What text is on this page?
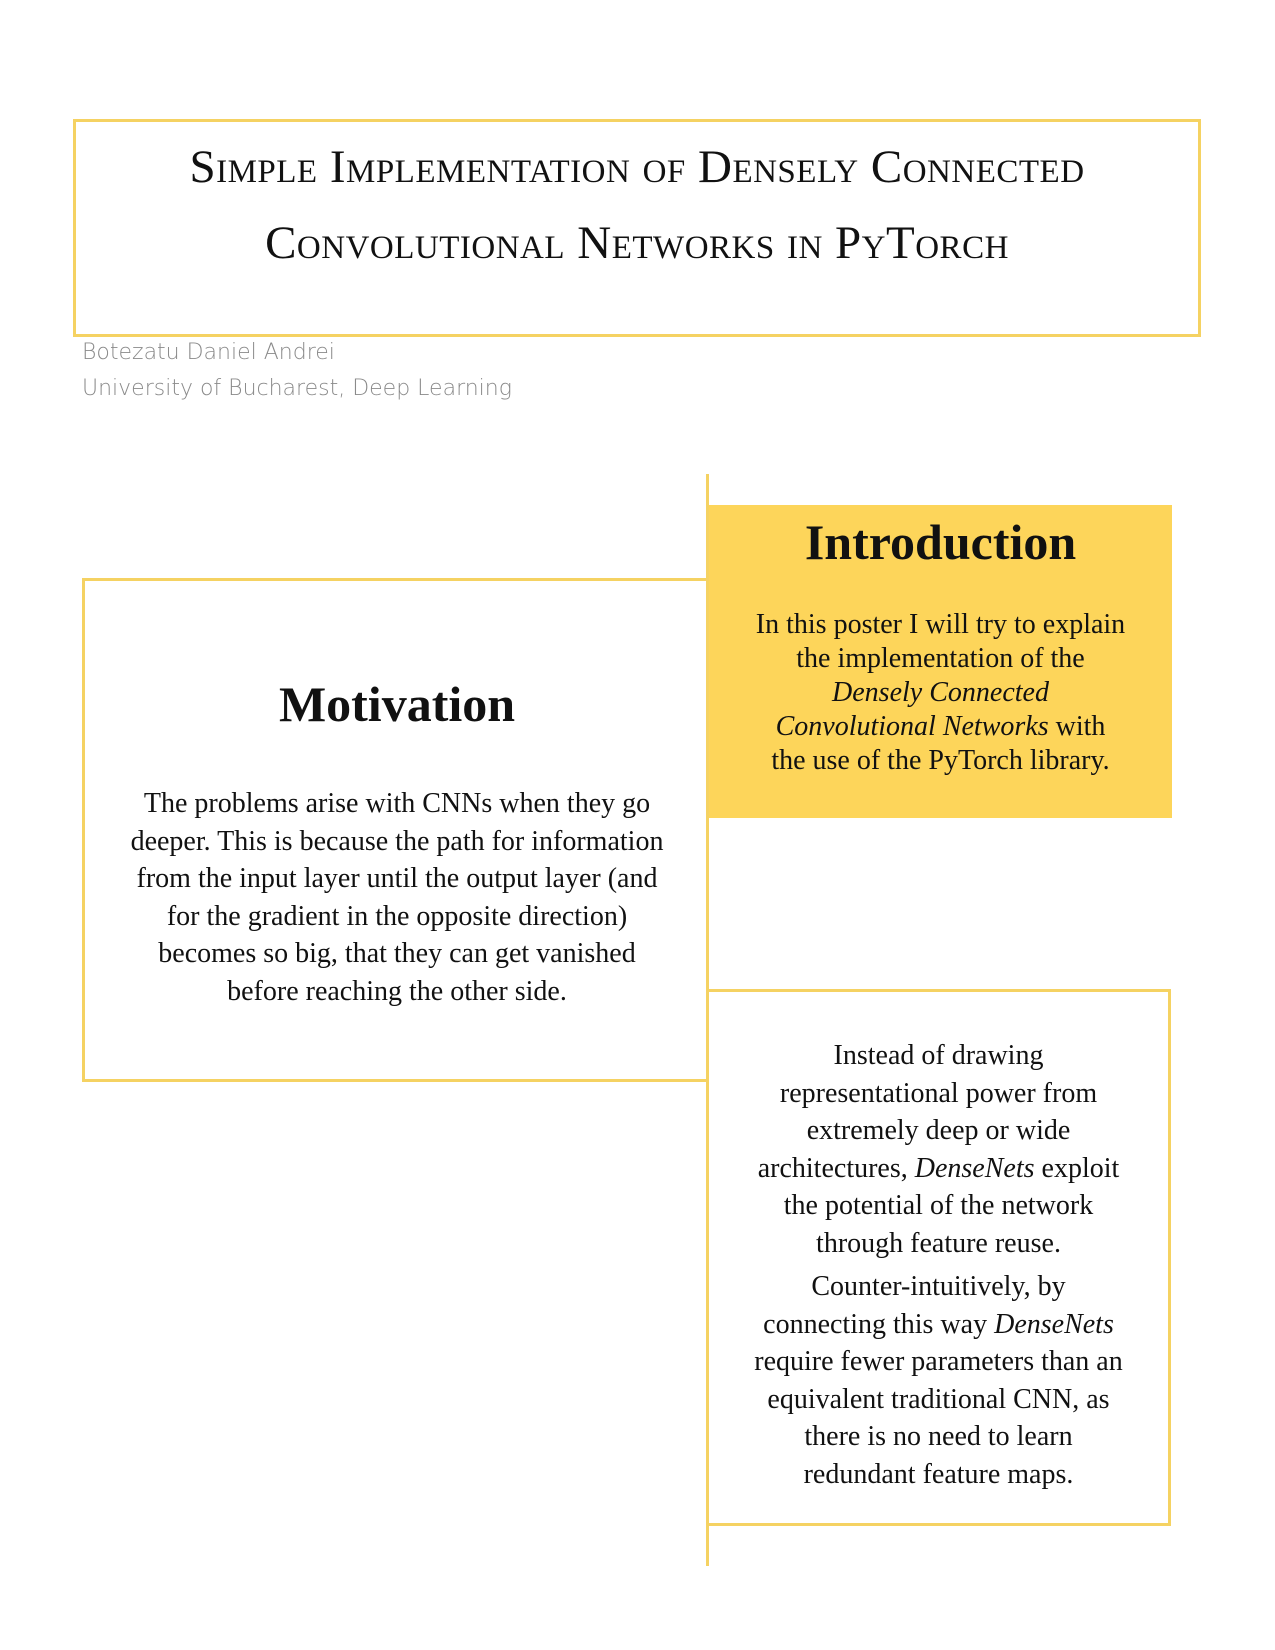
Simple Implementation of Densely Connected
Convolutional Networks in PyTorch
Botezatu Daniel Andrei
University of Bucharest, Deep Learning
Introduction
In this poster I will try to explain
the implementation of the
Densely Connected
Convolutional Networks with
the use of the PyTorch library.
Motivation
The problems arise with CNNs when they go
deeper. This is because the path for information
from the input layer until the output layer (and
for the gradient in the opposite direction)
becomes so big, that they can get vanished
before reaching the other side.
Instead of drawing
representational power from
extremely deep or wide
architectures, DenseNets exploit
the potential of the network
through feature reuse.
Counter-intuitively, by
connecting this way DenseNets
require fewer parameters than an
equivalent traditional CNN, as
there is no need to learn
redundant feature maps.
